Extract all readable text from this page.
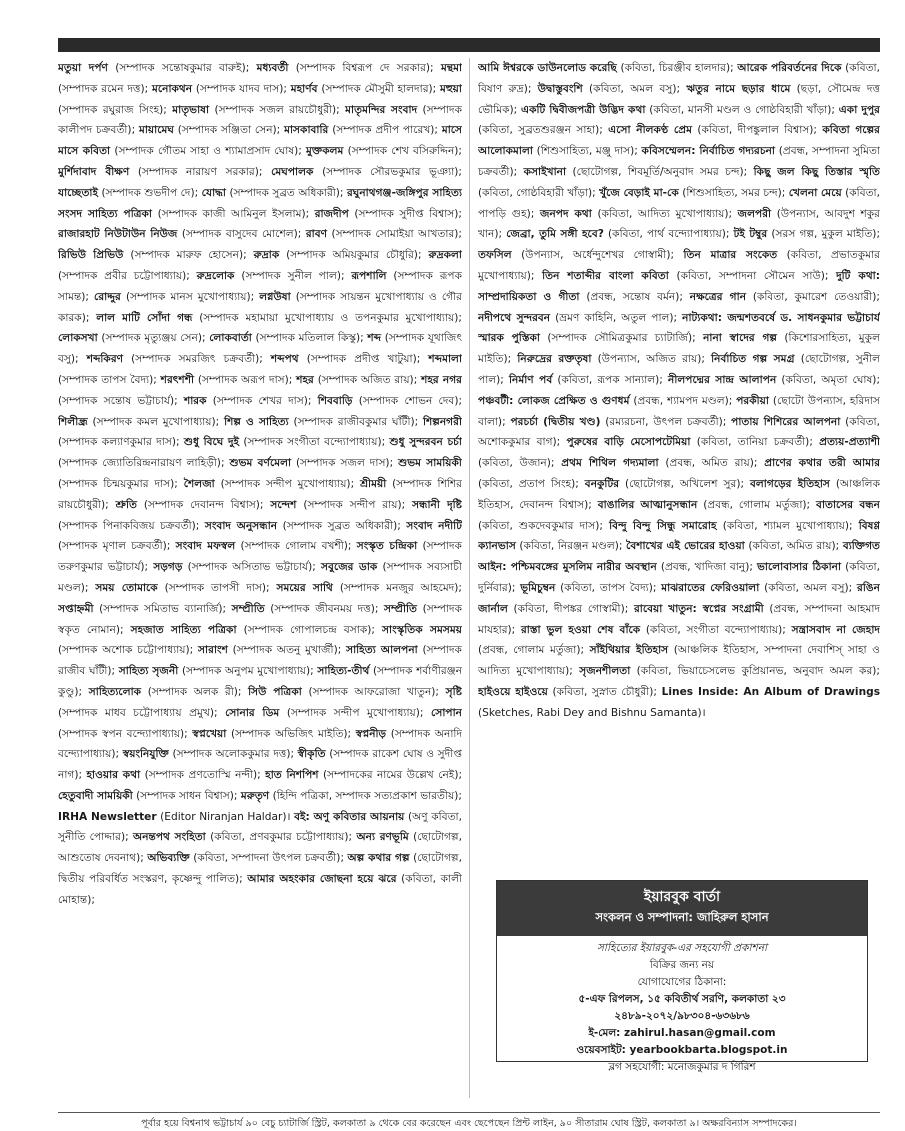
মতুয়া দর্পণ (সম্পাদক সন্তোষকুমার বারুই); মধ্যবর্তী (সম্পাদক বিশ্বরূপ দে সরকার); মন্থমা (সম্পাদক রমেন দত্ত); মনোকথন (সম্পাদক যাদব দাস); মহার্ণব (সম্পাদক মৌসুমী হালদার); মহুয়া (সম্পাদক রঘুরাজ সিংহ); মাতৃভাষা (সম্পাদক সজল রায়চৌধুরী); মাতৃমন্দির সংবাদ (সম্পাদক কালীপদ চক্রবর্তী); মায়ামেঘ (সম্পাদক সঞ্জিতা সেন); মাসকাবারি (সম্পাদক প্রদীপ পারেখ); মাসে মাসে কবিতা (সম্পাদক গৌতম সাহা ও শ্যামাপ্রসাদ ঘোষ); মুক্তকলম (সম্পাদক শেখ বসিরুদ্দিন); মুর্শিদাবাদ বীক্ষণ (সম্পাদক নারায়ণ সরকার); মেঘপালক (সম্পাদক সৌরভকুমার ভূঞ্যা); যাচ্ছেতাই (সম্পাদক শুভদীপ দে); যোদ্ধা (সম্পাদক সুব্রত অধিকারী); রঘুনাথগঞ্জ-জঙ্গিপুর সাহিত্য সংসদ সাহিত্য পত্রিকা (সম্পাদক কাজী আমিনুল ইসলাম); রাজদীপ (সম্পাদক সুদীপ্ত বিশ্বাস); রাজারহাট নিউটাউন নিউজ (সম্পাদক বাসুদেব মোশেল); রাবণ (সম্পাদক সোমাইয়া আখতার); রিভিউ প্রিভিউ (সম্পাদক মারুফ হোসেন); রুদ্রাক (সম্পাদক অমিয়কুমার চৌধুরি); রুদ্রকলা (সম্পাদক প্রবীর চট্টোপাধ্যায়); রুদ্রলোক (সম্পাদক সুনীল পাল); রূপশালি (সম্পাদক রূপক সামন্ত); রোদ্দুর (সম্পাদক মানস মুখোপাধ্যায়); লগ্নউষা (সম্পাদক সায়ন্তন মুখোপাধ্যায় ও গৌর কারক); লাল মাটি সোঁদা গন্ধ (সম্পাদক মহামায়া মুখোপাধ্যায় ও তপনকুমার মুখোপাধ্যায়); লোকসখা (সম্পাদক মৃত্যুঞ্জয় সেন); লোকবার্তা (সম্পাদক মতিলাল কিস্কু); শব্দ (সম্পাদক যূথাজিৎ বসু); শব্দকিরণ (সম্পাদক সমরজিৎ চক্রবর্তী); শব্দপথ (সম্পাদক প্রদীপ্ত খাটুয়া); শব্দমালা (সম্পাদক তাপস বৈদ্য); শরৎশশী (সম্পাদক অরূপ দাস); শহর (সম্পাদক অজিত রায়); শহর নগর (সম্পাদক সন্তোষ ভট্টাচার্য); শারক (সম্পাদক শেখর দাস); শিববাড়ি (সম্পাদক শোভন দেব); শিলীন্ধ্র (সম্পাদক কমল মুখোপাধ্যায়); শিল্প ও সাহিত্য (সম্পাদক রাজীবকুমার ঘাঁটী); শিল্পনগরী (সম্পাদক কল্যাণকুমার দাস); শুধু বিঘে দুই (সম্পাদক সংগীতা বন্দ্যোপাধ্যায়); শুধু সুন্দরবন চর্চা (সম্পাদক জ্যোতিরিন্দ্রনারায়ণ লাহিড়ী); শুভম বর্ণমেলা (সম্পাদক সজল দাস); শুভম সাময়িকী (সম্পাদক চিন্ময়কুমার দাস); শৈলজা (সম্পাদক সন্দীপ মুখোপাধ্যায়); শ্রীময়ী (সম্পাদক শিশির রায়চৌধুরী); শ্রুতি (সম্পাদক দেবানন্দ বিশ্বাস); সন্দেশ (সম্পাদক সন্দীপ রায়); সন্ধানী দৃষ্টি (সম্পাদক পিনাকবিজয় চক্রবর্তী); সংবাদ অনুসন্ধান (সম্পাদক সুব্রত অধিকারী); সংবাদ নদীটি (সম্পাদক মৃণাল চক্রবর্তী); সংবাদ মফস্বল (সম্পাদক গোলাম বখশী); সংস্কৃত চন্দ্রিকা (সম্পাদক তরুণকুমার ভট্টাচার্য); সড়গড় (সম্পাদক অসিতাভ ভট্টাচার্য); সবুজের ডাক (সম্পাদক সব্যসাচী মণ্ডল); সময় তোমাকে (সম্পাদক তাপসী দাস); সময়ের সাথি (সম্পাদক মনজুর আহমেদ); সপ্তাহ্নমী (সম্পাদক সমিতাভ ব্যানার্জি); সম্প্রীতি (সম্পাদক জীবনময় দত্ত); সম্প্রীতি (সম্পাদক স্বকৃত নোমান); সহজাত সাহিত্য পত্রিকা (সম্পাদক গোপালচন্দ্র বসাক); সাংস্কৃতিক সমসময় (সম্পাদক অশোক চট্টোপাধ্যায়); সারাংশ (সম্পাদক অতনু মুখার্জী); সাহিত্য আলপনা (সম্পাদক রাজীব ঘাঁটী); সাহিত্য সৃজনী (সম্পাদক অনুপম মুখোপাধ্যায়); সাহিত্য-তীর্থ (সম্পাদক শর্বাণীরঞ্জন কুণ্ডু); সাহিত্যলোক (সম্পাদক অলক রী); সিউ পত্রিকা (সম্পাদক আফরোজা খাতুন); সৃষ্টি (সম্পাদক মাধব চট্টোপাধ্যায় প্রমুখ); সোনার ডিম (সম্পাদক সন্দীপ মুখোপাধ্যায়); সোপান (সম্পাদক স্বপন বন্দ্যোপাধ্যায়); স্বপ্নখেয়া (সম্পাদক অভিজিৎ মাইতি); স্বপ্ননীড় (সম্পাদক অনাদি বন্দ্যোপাধ্যায়); স্বয়ংনিযুক্তি (সম্পাদক অলোককুমার দত্ত); স্বীকৃতি (সম্পাদক রাকেশ ঘোষ ও সুদীপ্ত নাগ); হাওয়ার কথা (সম্পাদক প্রণতোস্মি নন্দী); হাত নিশপিশ (সম্পাদকের নামের উল্লেখ নেই); হেতুবাদী সাময়িকী (সম্পাদক সাধন বিশ্বাস); মরুতৃণ (হিন্দি পত্রিকা, সম্পাদক সত্যপ্রকাশ ভারতীয়); IRHA Newsletter (Editor Niranjan Haldar)। বই: অণু কবিতার আয়নায় (অণু কবিতা, সুনীতি পোদ্দার); অনন্তপথ সংহিতা (কবিতা, প্রণবকুমার চট্টোপাধ্যায়); অন্য রণভূমি (ছোটোগল্প, আশুতোষ দেবনাথ); অভিব্যক্তি (কবিতা, সম্পাদনা উৎপল চক্রবর্তী); অল্প কথার গল্প (ছোটোগল্প, দ্বিতীয় পরিবর্ধিত সংস্করণ, কৃষ্ণেন্দু পালিত); আমার অহংকার জোছনা হয়ে ঝরে (কবিতা, কালী মোহান্ত);
আমি ঈশ্বরকে ডাউনলোড করেছি (কবিতা, চিরঞ্জীব হালদার); আরেক পরিবর্তনের দিকে (কবিতা, বিষাণ রুদ্র); উদ্বাস্তুবংশি (কবিতা, অমল বসু); ঋতুর নামে ছড়ার ধামে (ছড়া, সৌমেন্দ্র দত্ত ভৌমিক); একটি দ্বিবীজপত্রী উদ্ভিদ কথা (কবিতা, মানসী মণ্ডল ও গোষ্ঠবিহারী খাঁড়া); একা দুপুর (কবিতা, সুব্রতশুরঞ্জন সাহা); এসো নীলকণ্ঠ প্রেম (কবিতা, দীপঙ্কুলাল বিশ্বাস); কবিতা গল্পের আলোকমালা (শিশুসাহিত্য, মঞ্জু দাস); কবিসম্মেলন: নির্বাচিত গদ্যরচনা (প্রবন্ধ, সম্পাদনা সুমিতা চক্রবর্তী); কসাইখানা (ছোটোগল্প, শিবমূর্তি/অনুবাদ সমর চন্দ); কিছু জল কিছু তিস্তার স্মৃতি (কবিতা, গোষ্ঠবিহারী খাঁড়া); খুঁজে বেড়াই মা-কে (শিশুসাহিত্য, সমর চন্দ); খেলনা মেয়ে (কবিতা, পাপড়ি গুহ); জনপদ কথা (কবিতা, আদিত্য মুখোপাধ্যায়); জলপরী (উপন্যাস, আবদুশ শকুর খান); জেব্রা, তুমি সঙ্গী হবে? (কবিতা, পার্থ বন্দ্যোপাধ্যায়); টই টম্বুর (সরস গল্প, মুকুল মাইতি); তফসিল (উপন্যাস, অর্ধেন্দুশেখর গোস্বামী); তিন মাত্রার সংকেত (কবিতা, প্রভাতকুমার মুখোপাধ্যায়); তিন শতাব্দীর বাংলা কবিতা (কবিতা, সম্পাদনা সৌমেন সাউ); দুটি কথা: সাম্প্রদায়িকতা ও গীতা (প্রবন্ধ, সন্তোষ বর্মন); নক্ষত্রের গান (কবিতা, কুমারেশ তেওয়ারী); নদীপথে সুন্দরবন (ভ্রমণ কাহিনি, অতুল পাল); নাট্যকথা: জন্মশতবর্ষে ড. সাধনকুমার ভট্টাচার্য স্মারক পুস্তিকা (সম্পাদক সৌমিত্রকুমার চ্যাটার্জি); নানা স্বাদের গল্প (কিশোরসাহিত্য, মুকুল মাইতি); নিরুদ্রের রক্ততৃষা (উপন্যাস, অজিত রায়); নির্বাচিত গল্প সমগ্র (ছোটোগল্প, সুনীল পাল); নির্মাণ পর্ব (কবিতা, রূপক সান্যাল); নীলপদ্মের সান্দ্র আলাপন (কবিতা, অমৃতা ঘোষ); পঞ্চবটী: লোকজ প্রেক্ষিত ও গুণধর্ম (প্রবন্ধ, শ্যামপদ মণ্ডল); পরকীয়া (ছোটো উপন্যাস, হরিদাস বালা); পরচর্চা (দ্বিতীয় খণ্ড) (রম্যরচনা, উৎপল চক্রবর্তী); পাতায় শিশিরের আলপনা (কবিতা, অশোককুমার বাগ); পুরুষের বাড়ি মেসোপটেমিয়া (কবিতা, তানিয়া চক্রবর্তী); প্রত্যয়-প্রত্যাশী (কবিতা, উজান); প্রথম শিথিল গদ্যমালা (প্রবন্ধ, অমিত রায়); প্রাণের কথার তরী আমার (কবিতা, প্রতাপ সিংহ); বনকুটির (ছোটোগল্প, অখিলেশ সুর); বলাগড়ের ইতিহাস (আঞ্চলিক ইতিহাস, দেবানন্দ বিশ্বাস); বাঙালির আত্মানুসন্ধান (প্রবন্ধ, গোলাম মর্তুজা); বাতাসের বন্ধন (কবিতা, শুকদেবকুমার দাস); বিন্দু বিন্দু সিন্ধু সমারোহ (কবিতা, শ্যামল মুখোপাধ্যায়); বিষণ্ণ ক্যানভাস (কবিতা, নিরঞ্জন মণ্ডল); বৈশাখের এই ভোরের হাওয়া (কবিতা, অমিত রায়); ব্যক্তিগত আইন: পশ্চিমবঙ্গের মুসলিম নারীর অবস্থান (প্রবন্ধ, খাদিজা বানু); ভালোবাসার ঠিকানা (কবিতা, দুর্নিবার); ভূমিচুম্বন (কবিতা, তাপস বৈদ্য); মাঝরাতের ফেরিওয়ালা (কবিতা, অমল বসু); রঙিন জার্নাল (কবিতা, দীপঙ্কর গোস্বামী); রাবেয়া খাতুন: স্বপ্নের সংগ্রামী (প্রবন্ধ, সম্পাদনা আহমাদ মাযহার); রাস্তা ভুল হওয়া শেষ বাঁকে (কবিতা, সংগীতা বন্দ্যোপাধ্যায়); সন্ত্রাসবাদ না জেহাদ (প্রবন্ধ, গোলাম মর্তুজা); সাঁইথিয়ার ইতিহাস (আঞ্চলিক ইতিহাস, সম্পাদনা দেবাশিস্ সাহা ও আদিত্য মুখোপাধ্যায়); সৃজনশীলতা (কবিতা, ভিয়াচেসলেভ কুপ্রিয়ানভ, অনুবাদ অমল কর); হাইওয়ে হাইওয়ে (কবিতা, সুস্নাত চৌধুরী); Lines Inside: An Album of Drawings (Sketches, Rabi Dey and Bishnu Samanta)।
ইয়ারবুক বার্তা
সংকলন ও সম্পাদনা: জাহিরুল হাসান
সাহিত্যের ইয়ারবুক-এর সহযোগী প্রকাশনা
বিক্রির জন্য নয়
যোগাযোগের ঠিকানা:
৫-এফ রিপলস, ১৫ কবিতীর্থ সরণি, কলকাতা ২৩
২৪৮৯-২০৭২/৯৮৩০৪-৬৩৬৮৬
ই-মেল: zahirul.hasan@gmail.com
ওয়েবসাইট: yearbookbarta.blogspot.in
ব্লগ সহযোগী: মনোজকুমার দ গিরিশ
পূর্বার হয়ে বিশ্বনাথ ভট্টাচার্য ৯০ বেচু চ্যাটার্জি স্ট্রিট, কলকাতা ৯ থেকে বের করেছেন এবং ছেপেছেন প্রিন্ট লাইন, ৯০ সীতারাম ঘোষ স্ট্রিট, কলকাতা ৯। অক্ষরবিন্যাস সম্পাদকের।
